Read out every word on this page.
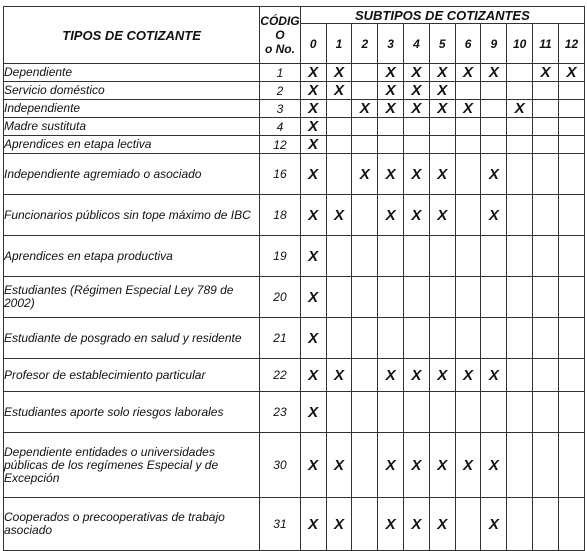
TIPOS DE COTIZANTE	CÓDIG
O
o No.	SUBTIPOS DE COTIZANTES										
		0	1	2	3	4	5	6	9	10	11	12
Dependiente	1	X	X		X	X	X	X	X		X	X
Servicio doméstico	2	X	X		X	X	X					
Independiente	3	X		X	X	X	X	X		X		
Madre sustituta	4	X										
Aprendices en etapa lectiva	12	X										
Independiente agremiado o asociado	16	X		X	X	X	X		X			
Funcionarios públicos sin tope máximo de IBC	18	X	X		X	X	X		X			
Aprendices en etapa productiva	19	X										
Estudiantes (Régimen Especial Ley 789 de 2002)	20	X										
Estudiante de posgrado en salud y residente	21	X										
Profesor de establecimiento particular	22	X	X		X	X	X	X	X			
Estudiantes aporte solo riesgos laborales	23	X										
Dependiente entidades o universidades públicas de los regímenes Especial y de Excepción	30	X	X		X	X	X	X	X			
Cooperados o precooperativas de trabajo asociado	31	X	X		X	X	X		X			
